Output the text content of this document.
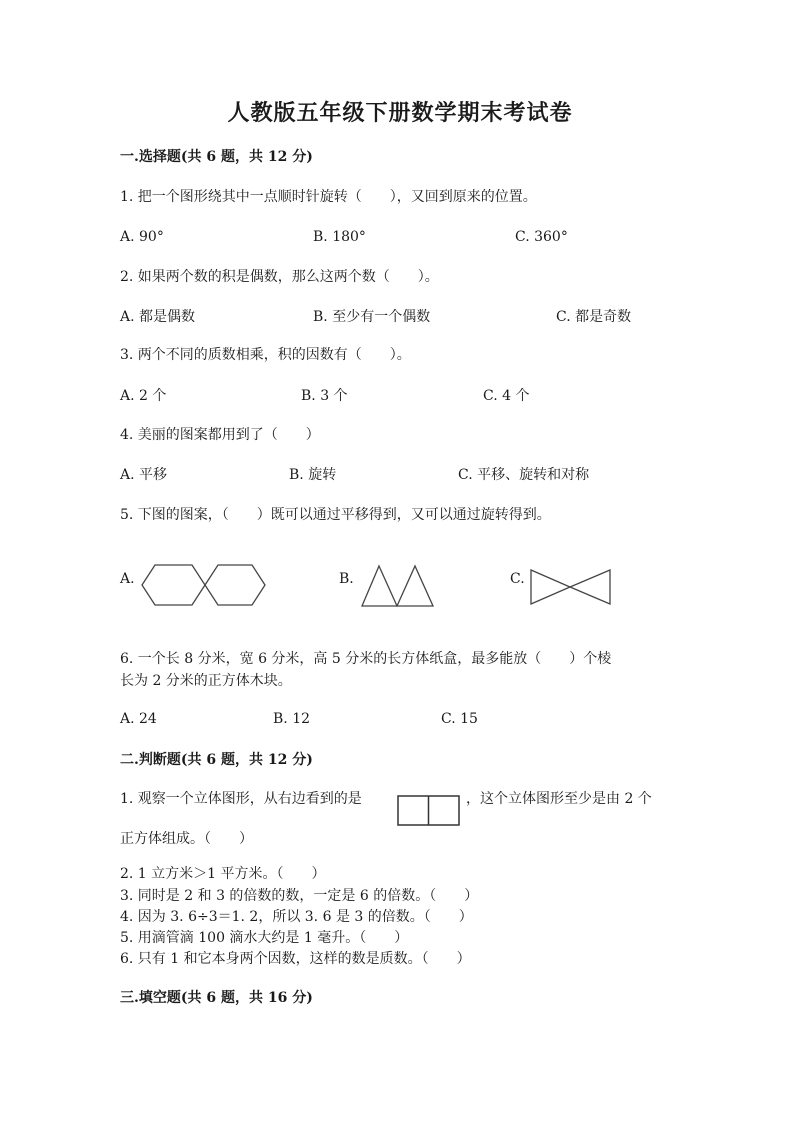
人教版五年级下册数学期末考试卷
一.选择题(共 6 题，共 12 分)
1. 把一个图形绕其中一点顺时针旋转（　　），又回到原来的位置。
A. 90°	B. 180°	C. 360°
2. 如果两个数的积是偶数，那么这两个数（　　）。
A. 都是偶数	B. 至少有一个偶数	C. 都是奇数
3. 两个不同的质数相乘，积的因数有（　　）。
A. 2 个	B. 3 个	C. 4 个
4. 美丽的图案都用到了（　　）
A. 平移	B. 旋转	C. 平移、旋转和对称
5. 下图的图案，（　　）既可以通过平移得到，又可以通过旋转得到。
A.	B.	C.
6. 一个长 8 分米，宽 6 分米，高 5 分米的长方体纸盒，最多能放（　　）个棱
长为 2 分米的正方体木块。
A. 24	B. 12	C. 15
二.判断题(共 6 题，共 12 分)
1. 观察一个立体图形，从右边看到的是	，这个立体图形至少是由 2 个
正方体组成。（　　）
2. 1 立方米＞1 平方米。（　　）
3. 同时是 2 和 3 的倍数的数，一定是 6 的倍数。（　　）
4. 因为 3. 6÷3＝1. 2，所以 3. 6 是 3 的倍数。（　　）
5. 用滴管滴 100 滴水大约是 1 毫升。（　　）
6. 只有 1 和它本身两个因数，这样的数是质数。（　　）
三.填空题(共 6 题，共 16 分)
